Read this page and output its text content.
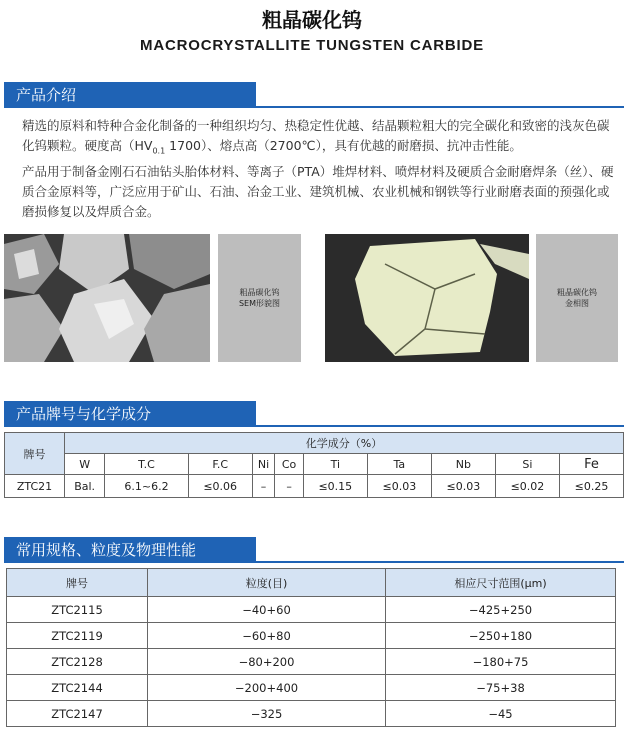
粗晶碳化钨
MACROCRYSTALLITE TUNGSTEN CARBIDE
产品介绍

精选的原料和特种合金化制备的一种组织均匀、热稳定性优越、结晶颗粒粗大的完全碳化和致密的浅灰色碳化钨颗粒。硬度高（$HV_{0.1}$ 1700）、熔点高（2700℃），具有优越的耐磨损、抗冲击性能。

产品用于制备金刚石石油钻头胎体材料、等离子（PTA）堆焊材料、喷焊材料及硬质合金耐磨焊条（丝）、硬质合金原料等，广泛应用于矿山、石油、冶金工业、建筑机械、农业机械和钢铁等行业耐磨表面的预强化或磨损修复以及焊质合金。

粗晶碳化钨
SEM形貌图
粗晶碳化钨
金相图
产品牌号与化学成分
牌号	化学成分（%）									
	W	T.C	F.C	Ni	Co	Ti	Ta	Nb	Si	Fe
ZTC21	Bal.	6.1~6.2	≤0.06	–	–	≤0.15	≤0.03	≤0.03	≤0.02	≤0.25
常用规格、粒度及物理性能
牌号	粒度(目)	相应尺寸范围(μm)
ZTC2115	−40+60	−425+250
ZTC2119	−60+80	−250+180
ZTC2128	−80+200	−180+75
ZTC2144	−200+400	−75+38
ZTC2147	−325	−45
